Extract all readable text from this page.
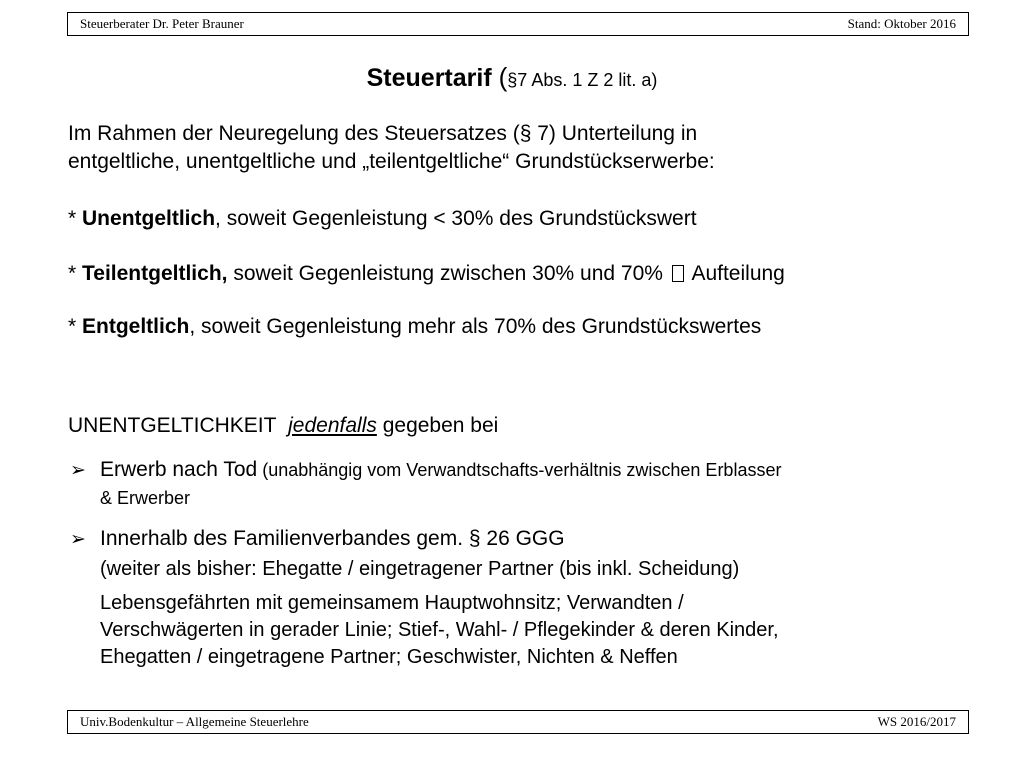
Steuerberater Dr. Peter Brauner	Stand: Oktober 2016
Steuertarif (§7 Abs. 1 Z 2 lit. a)
Im Rahmen der Neuregelung des Steuersatzes (§ 7) Unterteilung in
entgeltliche, unentgeltliche und „teilentgeltliche“ Grundstückserwerbe:
* Unentgeltlich, soweit Gegenleistung < 30% des Grundstückswert
* Teilentgeltlich, soweit Gegenleistung zwischen 30% und 70% Aufteilung
* Entgeltlich, soweit Gegenleistung mehr als 70% des Grundstückswertes
UNENTGELTICHKEIT jedenfalls gegeben bei
➢ Erwerb nach Tod (unabhängig vom Verwandtschafts-verhältnis zwischen Erblasser
& Erwerber
➢ Innerhalb des Familienverbandes gem. § 26 GGG
(weiter als bisher: Ehegatte / eingetragener Partner (bis inkl. Scheidung)
Lebensgefährten mit gemeinsamem Hauptwohnsitz; Verwandten /
Verschwägerten in gerader Linie; Stief-, Wahl- / Pflegekinder & deren Kinder,
Ehegatten / eingetragene Partner; Geschwister, Nichten & Neffen
Univ.Bodenkultur – Allgemeine Steuerlehre	WS 2016/2017
